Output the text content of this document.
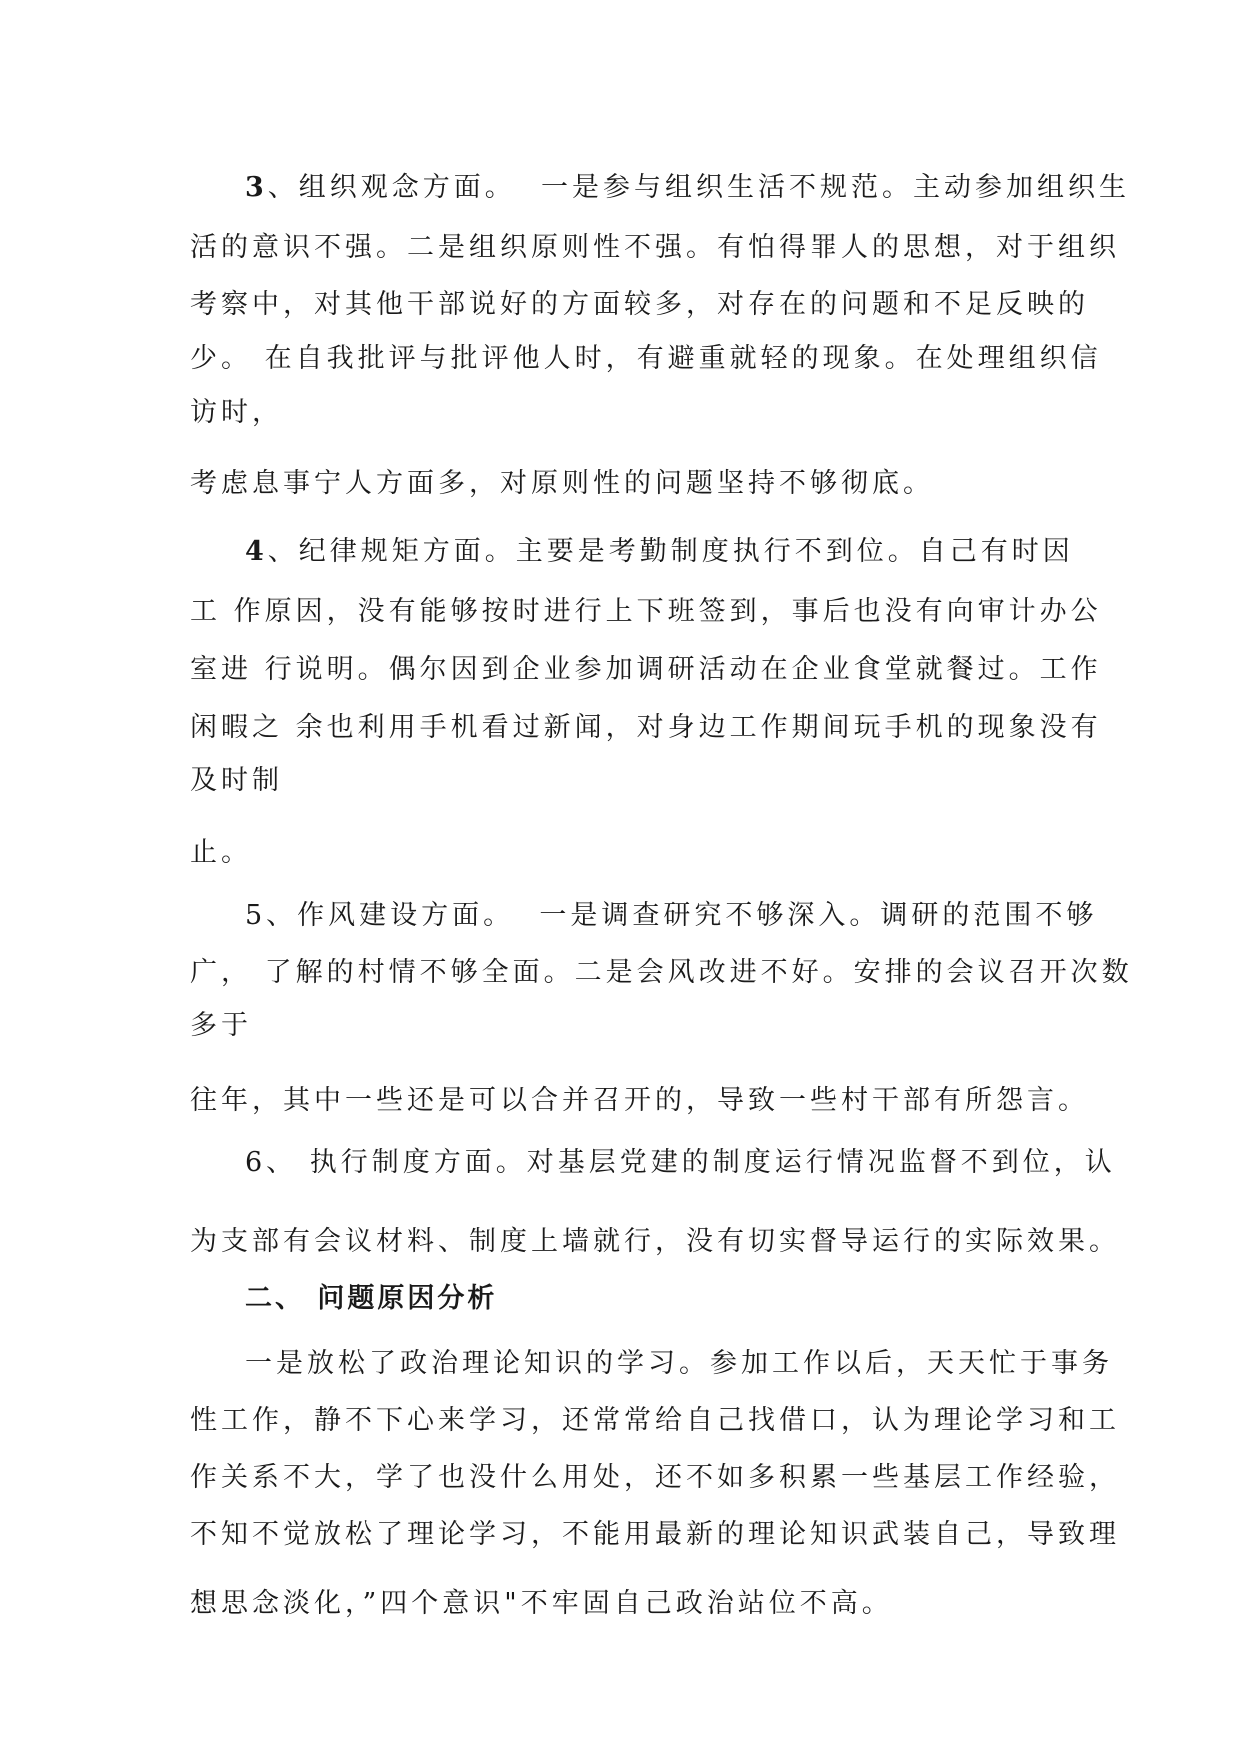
3、组织观念方面。  一是参与组织生活不规范。主动参加组织生

活的意识不强。二是组织原则性不强。有怕得罪人的思想，对于组织

考察中，对其他干部说好的方面较多，对存在的问题和不足反映的

少。 在自我批评与批评他人时，有避重就轻的现象。在处理组织信

访时，

考虑息事宁人方面多，对原则性的问题坚持不够彻底。

4、纪律规矩方面。主要是考勤制度执行不到位。自己有时因

工 作原因，没有能够按时进行上下班签到，事后也没有向审计办公

室进 行说明。偶尔因到企业参加调研活动在企业食堂就餐过。工作

闲暇之 余也利用手机看过新闻，对身边工作期间玩手机的现象没有

及时制

止。

5、作风建设方面。  一是调查研究不够深入。调研的范围不够

广， 了解的村情不够全面。二是会风改进不好。安排的会议召开次数

多于

往年，其中一些还是可以合并召开的，导致一些村干部有所怨言。

6、 执行制度方面。对基层党建的制度运行情况监督不到位，认

为支部有会议材料、制度上墙就行，没有切实督导运行的实际效果。

二、 问题原因分析

一是放松了政治理论知识的学习。参加工作以后，天天忙于事务

性工作，静不下心来学习，还常常给自己找借口，认为理论学习和工

作关系不大，学了也没什么用处，还不如多积累一些基层工作经验，

不知不觉放松了理论学习，不能用最新的理论知识武装自己，导致理

想思念淡化，”四个意识"不牢固自己政治站位不高。
